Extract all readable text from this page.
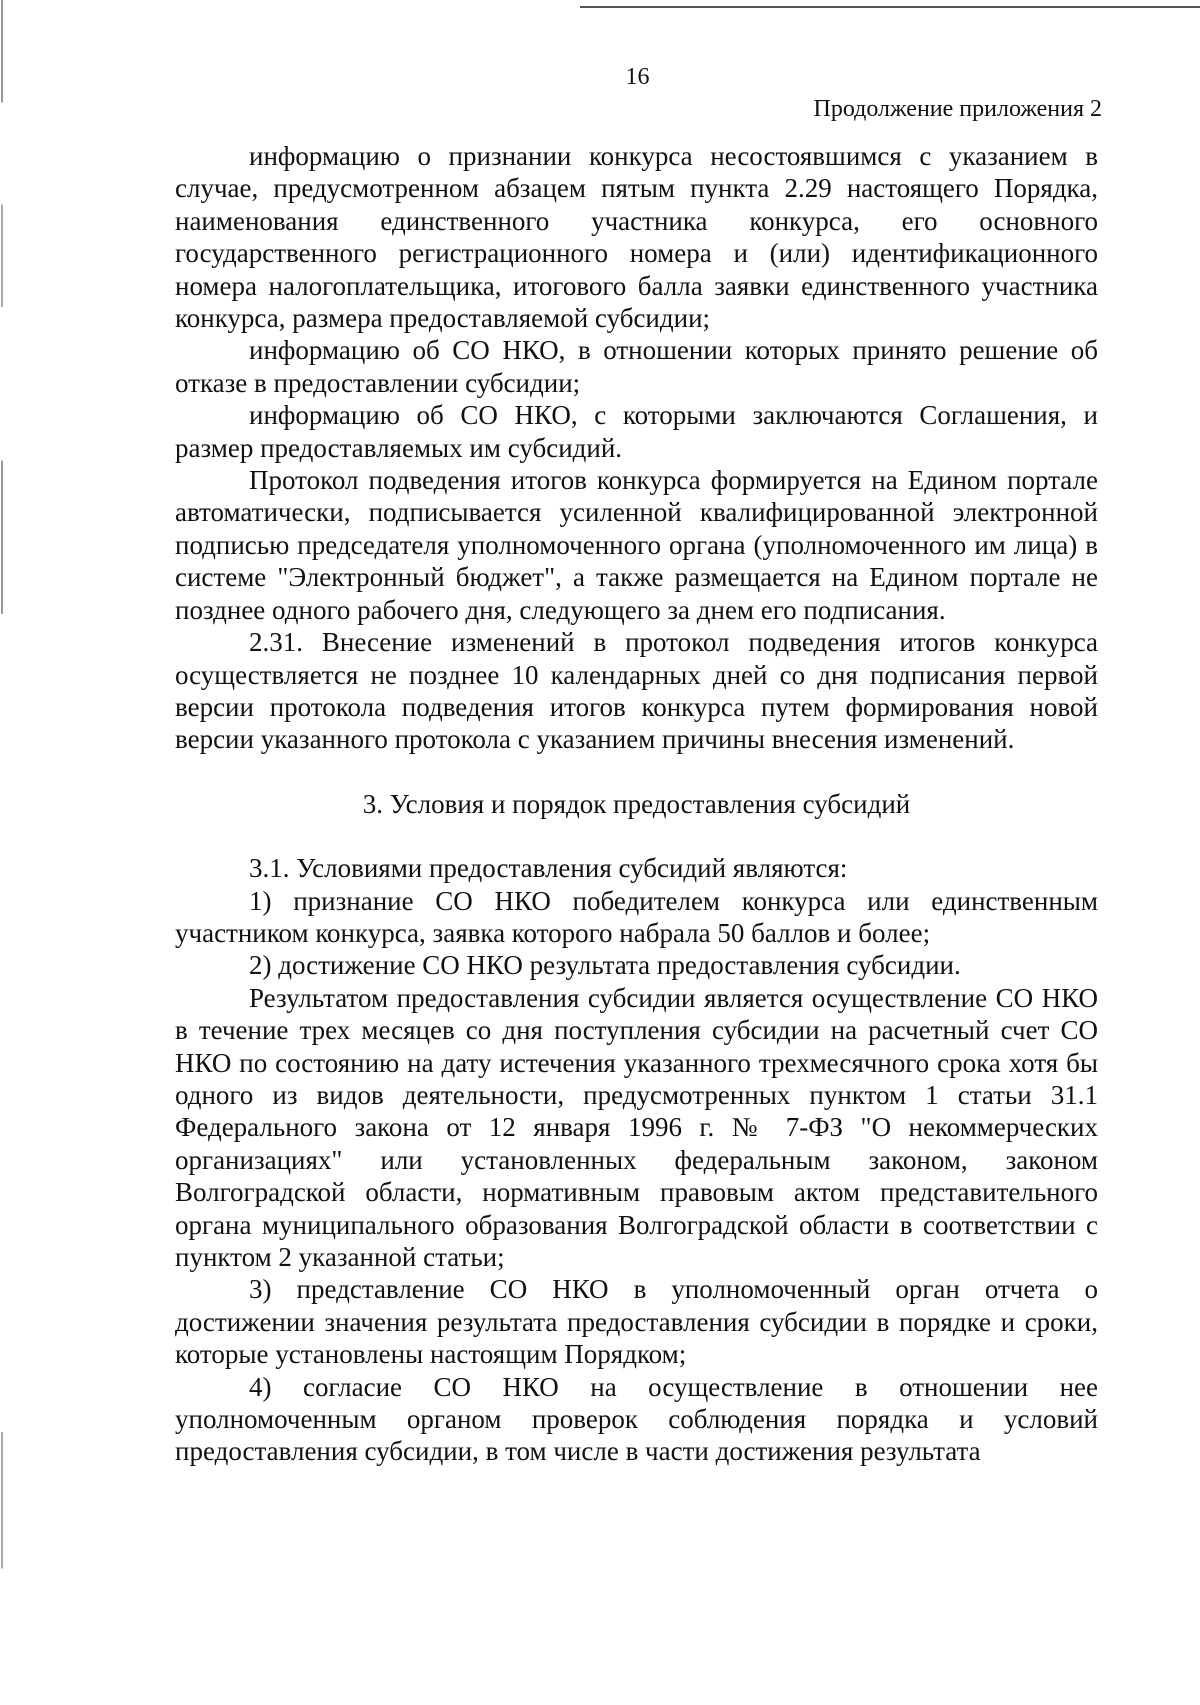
16
Продолжение приложения 2

информацию о признании конкурса несостоявшимся с указанием в случае, предусмотренном абзацем пятым пункта 2.29 настоящего Порядка, наименования единственного участника конкурса, его основного государственного регистрационного номера и (или) идентификационного номера налогоплательщика, итогового балла заявки единственного участника конкурса, размера предоставляемой субсидии;

информацию об СО НКО, в отношении которых принято решение об отказе в предоставлении субсидии;

информацию об СО НКО, с которыми заключаются Соглашения, и размер предоставляемых им субсидий.

Протокол подведения итогов конкурса формируется на Едином портале автоматически, подписывается усиленной квалифицированной электронной подписью председателя уполномоченного органа (уполномоченного им лица) в системе "Электронный бюджет", а также размещается на Едином портале не позднее одного рабочего дня, следующего за днем его подписания.

2.31. Внесение изменений в протокол подведения итогов конкурса осуществляется не позднее 10 календарных дней со дня подписания первой версии протокола подведения итогов конкурса путем формирования новой версии указанного протокола с указанием причины внесения изменений.

3. Условия и порядок предоставления субсидий

3.1. Условиями предоставления субсидий являются:

1) признание СО НКО победителем конкурса или единственным участником конкурса, заявка которого набрала 50 баллов и более;

2) достижение СО НКО результата предоставления субсидии.

Результатом предоставления субсидии является осуществление СО НКО в течение трех месяцев со дня поступления субсидии на расчетный счет СО НКО по состоянию на дату истечения указанного трехмесячного срока хотя бы одного из видов деятельности, предусмотренных пунктом 1 статьи 31.1 Федерального закона от 12 января 1996 г. № 7-ФЗ "О некоммерческих организациях" или установленных федеральным законом, законом Волгоградской области, нормативным правовым актом представительного органа муниципального образования Волгоградской области в соответствии с пунктом 2 указанной статьи;

3) представление СО НКО в уполномоченный орган отчета о достижении значения результата предоставления субсидии в порядке и сроки, которые установлены настоящим Порядком;

4) согласие СО НКО на осуществление в отношении нее уполномоченным органом проверок соблюдения порядка и условий предоставления субсидии, в том числе в части достижения результата
